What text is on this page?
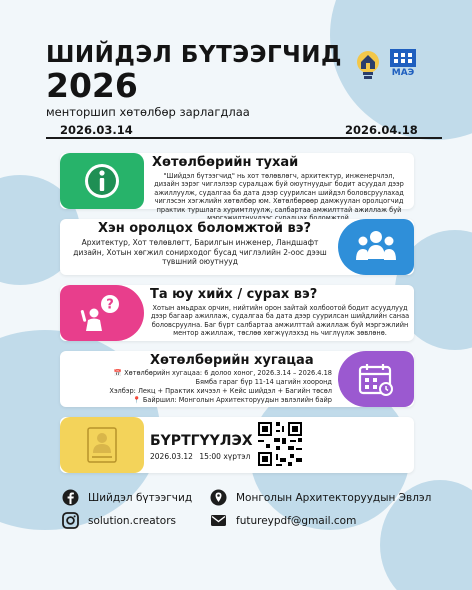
ШИЙДЭЛ БҮТЭЭГЧИД
2026
менторшип хөтөлбөр зарлагдлаа
МАЭ
2026.03.14	2026.04.18
Хөтөлбөрийн тухай
"Шийдэл бүтээгчид" нь хот төлөвлөгч, архитектур, инженерчлэл, дизайн зэрэг чиглэлээр суралцаж буй оюутнуудыг бодит асуудал дээр ажиллуулж, судалгаа ба дата дээр суурилсан шийдэл боловсруулахад чиглэсэн хэгжлийн хөтөлбөр юм. Хөтөлбөрөөр дамжуулан оролцогчид практик туршлага хуримтлуулж, салбартаа амжилттай ажиллаж буй
Хэн оролцох боломжтой вэ?
Архитектур, Хот төлөвлөгт, Барилгын инженер, Ландшафт дизайн, Хотын хөгжил сонирходог бусад чиглэлийн 2-оос дээш түвшний оюутнууд
?
Та юу хийх / сурах вэ?
Хотын амьдрах орчин, нийтийн орон зайтай холбоотой бодит асуудлууд дээр багаар ажиллаж, судалгаа ба дата дээр суурилсан шийдлийн санаа боловсруулна. Баг бүрт салбартаа амжилттай ажиллаж буй мэргэжлийн ментор ажиллаж, төслөө хөгжүүлэхэд нь чиглүүлж зөвлөнө.
Хөтөлбөрийн хугацаа
📅 Хөтөлбөрийн хугацаа: 6 долоо хоног, 2026.3.14 – 2026.4.18
Бямба гараг бүр 11-14 цагийн хооронд
Хэлбэр: Лекц + Практик хичээл + Кейс шийдэл + Багийн төсөл
📍 Байршил: Монголын Архитекторуудын эвлэлийн байр
БҮРТГҮҮЛЭХ
2026.03.12 15:00 хүртэл
Шийдэл бүтээгчид
solution.creators
Монголын Архитекторуудын Эвлэл
futureypdf@gmail.com
